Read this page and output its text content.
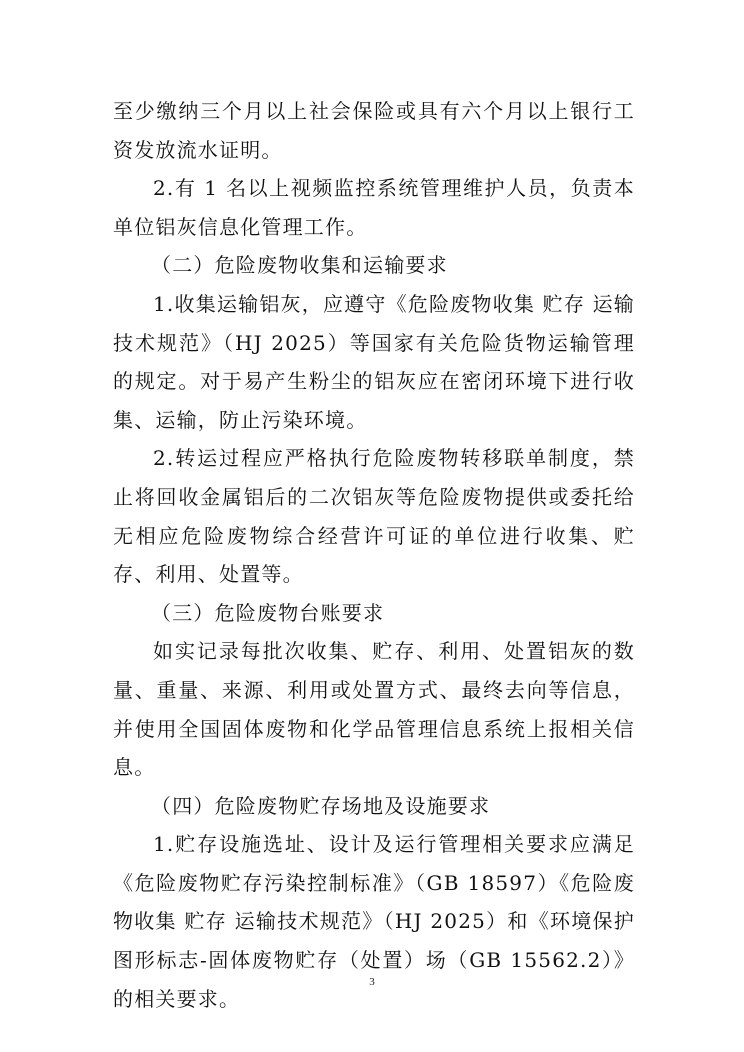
至少缴纳三个月以上社会保险或具有六个月以上银行工资发放流水证明。

2.有 1 名以上视频监控系统管理维护人员，负责本单位铝灰信息化管理工作。

（二）危险废物收集和运输要求

1.收集运输铝灰，应遵守《危险废物收集 贮存 运输技术规范》（HJ 2025）等国家有关危险货物运输管理的规定。对于易产生粉尘的铝灰应在密闭环境下进行收集、运输，防止污染环境。

2.转运过程应严格执行危险废物转移联单制度，禁止将回收金属铝后的二次铝灰等危险废物提供或委托给无相应危险废物综合经营许可证的单位进行收集、贮存、利用、处置等。

（三）危险废物台账要求

如实记录每批次收集、贮存、利用、处置铝灰的数量、重量、来源、利用或处置方式、最终去向等信息，并使用全国固体废物和化学品管理信息系统上报相关信息。

（四）危险废物贮存场地及设施要求

1.贮存设施选址、设计及运行管理相关要求应满足《危险废物贮存污染控制标准》（GB 18597）《危险废物收集 贮存 运输技术规范》（HJ 2025）和《环境保护图形标志-固体废物贮存（处置）场（GB 15562.2）》的相关要求。

3
